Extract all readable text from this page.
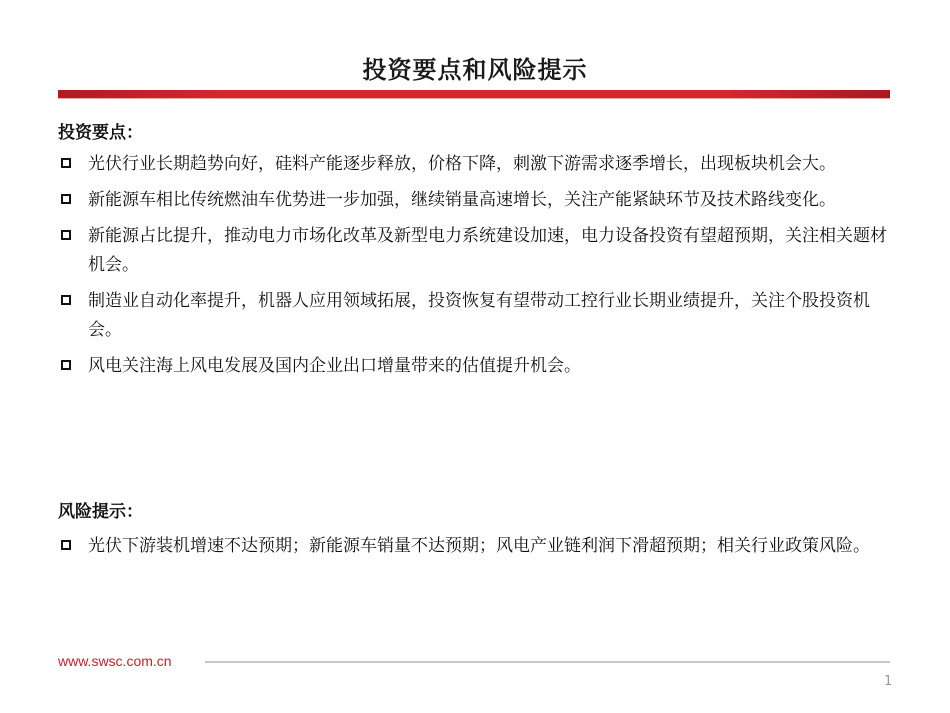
投资要点和风险提示
投资要点：
光伏行业长期趋势向好，硅料产能逐步释放，价格下降，刺激下游需求逐季增长，出现板块机会大。
新能源车相比传统燃油车优势进一步加强，继续销量高速增长，关注产能紧缺环节及技术路线变化。
新能源占比提升，推动电力市场化改革及新型电力系统建设加速，电力设备投资有望超预期，关注相关题材机会。
制造业自动化率提升，机器人应用领域拓展，投资恢复有望带动工控行业长期业绩提升，关注个股投资机会。
风电关注海上风电发展及国内企业出口增量带来的估值提升机会。
风险提示：
光伏下游装机增速不达预期；新能源车销量不达预期；风电产业链利润下滑超预期；相关行业政策风险。
www.swsc.com.cn
1
